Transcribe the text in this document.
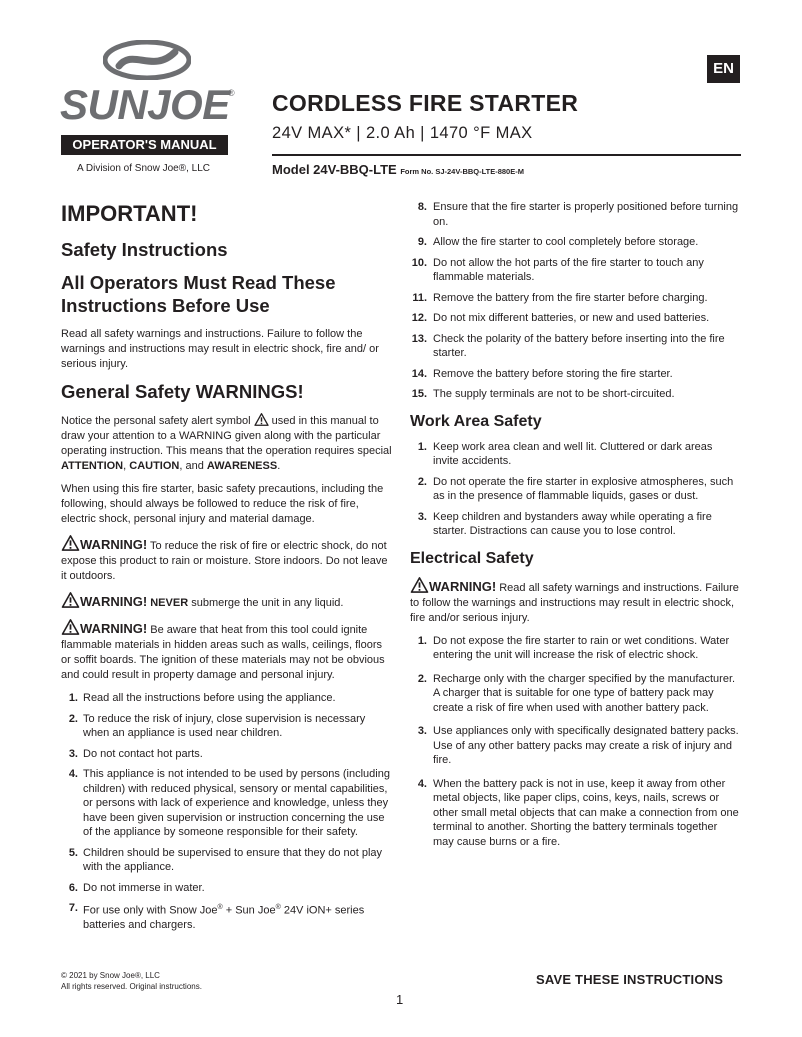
SUNJOE
®
OPERATOR'S MANUAL
A Division of Snow Joe®, LLC
CORDLESS FIRE STARTER
24V MAX* | 2.0 Ah | 1470 °F MAX
Model 24V-BBQ-LTE Form No. SJ-24V-BBQ-LTE-880E-M
EN
IMPORTANT!
Safety Instructions
All Operators Must Read These Instructions Before Use

Read all safety warnings and instructions. Failure to follow the warnings and instructions may result in electric shock, fire and/ or serious injury.

General Safety WARNINGS!

Notice the personal safety alert symbol used in this manual to draw your attention to a WARNING given along with the particular operating instruction. This means that the operation requires special ATTENTION, CAUTION, and AWARENESS.

When using this fire starter, basic safety precautions, including the following, should always be followed to reduce the risk of fire, electric shock, personal injury and material damage.

WARNING! To reduce the risk of fire or electric shock, do not expose this product to rain or moisture. Store indoors. Do not leave it outdoors.

WARNING! NEVER submerge the unit in any liquid.

WARNING! Be aware that heat from this tool could ignite flammable materials in hidden areas such as walls, ceilings, floors or soffit boards. The ignition of these materials may not be obvious and could result in property damage and personal injury.

1. Read all the instructions before using the appliance.
2. To reduce the risk of injury, close supervision is necessary when an appliance is used near children.
3. Do not contact hot parts.
4. This appliance is not intended to be used by persons (including children) with reduced physical, sensory or mental capabilities, or persons with lack of experience and knowledge, unless they have been given supervision or instruction concerning the use of the appliance by someone responsible for their safety.
5. Children should be supervised to ensure that they do not play with the appliance.
6. Do not immerse in water.
7. For use only with Snow Joe® + Sun Joe® 24V iON+ series batteries and chargers.
8. Ensure that the fire starter is properly positioned before turning on.
9. Allow the fire starter to cool completely before storage.
10. Do not allow the hot parts of the fire starter to touch any flammable materials.
11. Remove the battery from the fire starter before charging.
12. Do not mix different batteries, or new and used batteries.
13. Check the polarity of the battery before inserting into the fire starter.
14. Remove the battery before storing the fire starter.
15. The supply terminals are not to be short-circuited.
Work Area Safety
1. Keep work area clean and well lit. Cluttered or dark areas invite accidents.
2. Do not operate the fire starter in explosive atmospheres, such as in the presence of flammable liquids, gases or dust.
3. Keep children and bystanders away while operating a fire starter. Distractions can cause you to lose control.
Electrical Safety

WARNING! Read all safety warnings and instructions. Failure to follow the warnings and instructions may result in electric shock, fire and/or serious injury.

1. Do not expose the fire starter to rain or wet conditions. Water entering the unit will increase the risk of electric shock.
2. Recharge only with the charger specified by the manufacturer. A charger that is suitable for one type of battery pack may create a risk of fire when used with another battery pack.
3. Use appliances only with specifically designated battery packs. Use of any other battery packs may create a risk of injury and fire.
4. When the battery pack is not in use, keep it away from other metal objects, like paper clips, coins, keys, nails, screws or other small metal objects that can make a connection from one terminal to another. Shorting the battery terminals together may cause burns or a fire.
© 2021 by Snow Joe®, LLC
All rights reserved. Original instructions.	SAVE THESE INSTRUCTIONS
1
